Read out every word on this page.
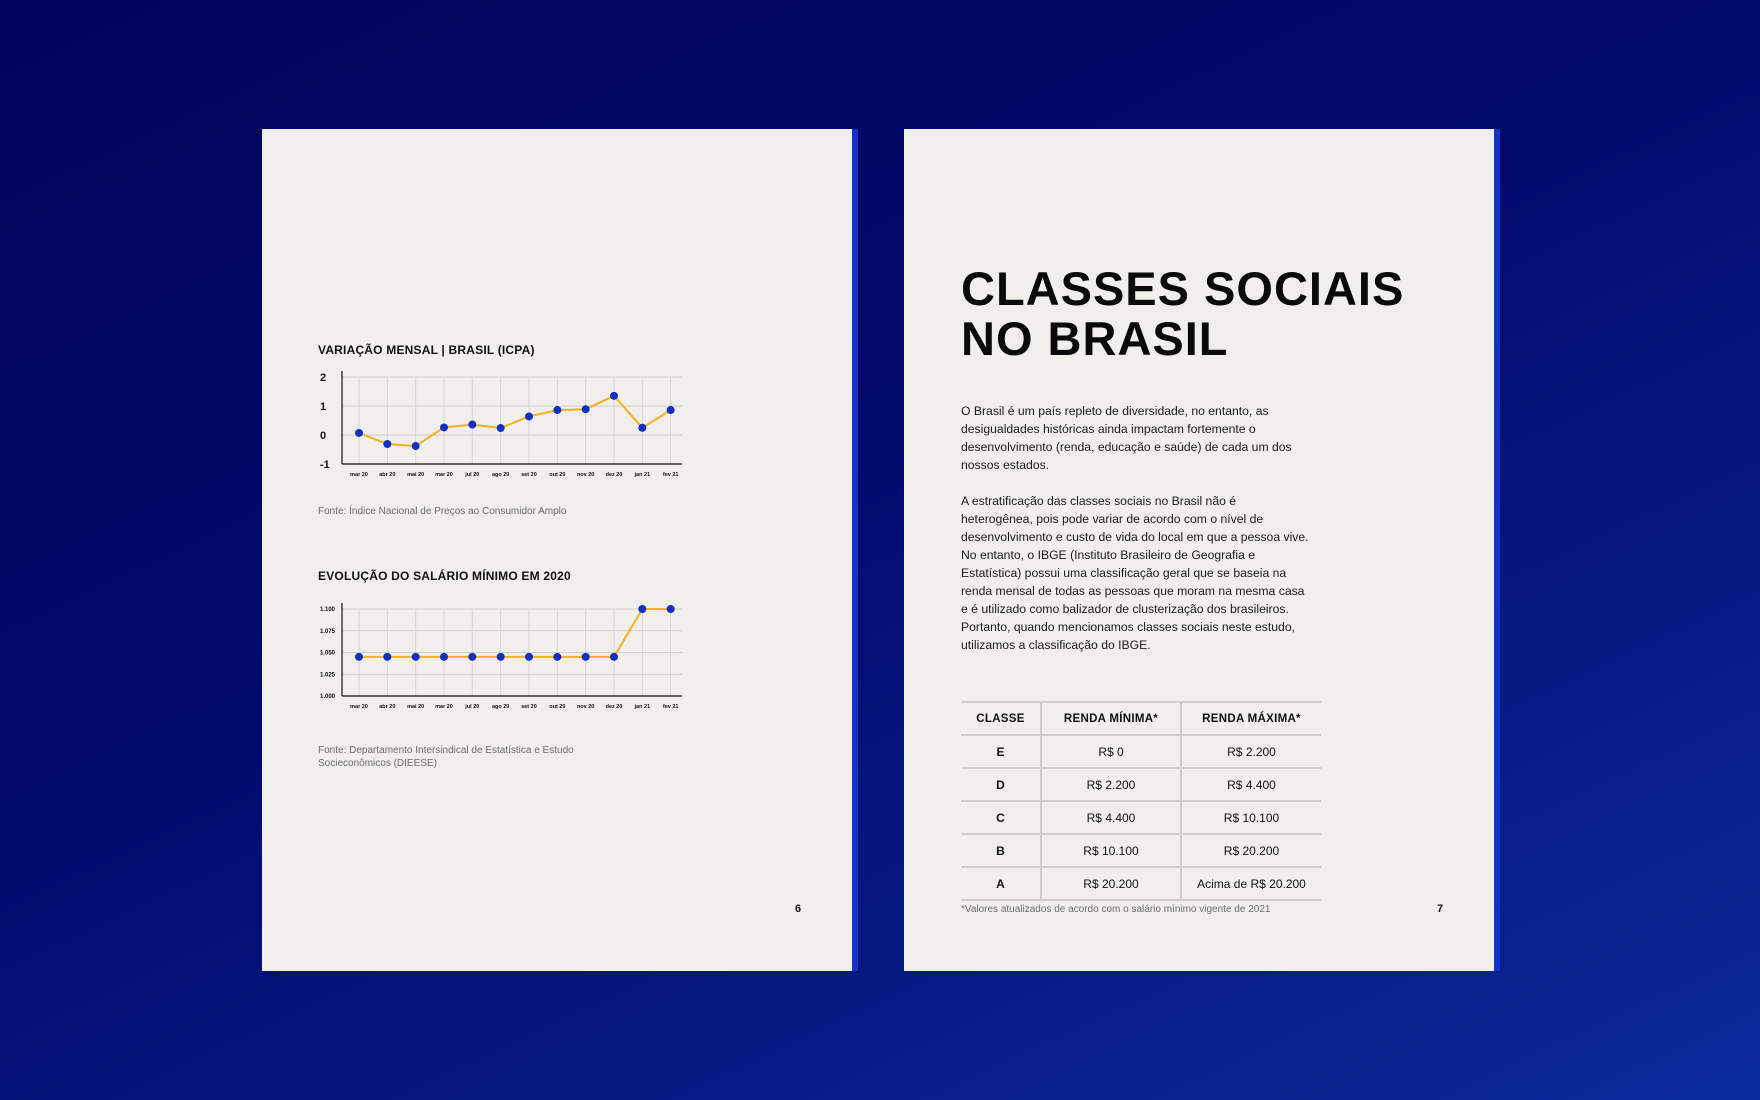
VARIAÇÃO MENSAL | BRASIL (ICPA)
2
1
0
-1
mar 20 abr 20 mai 20 mar 20 jul 20 ago 20 set 20 out 20 nov 20 dez 20 jan 21 fev 21
Fonte: Índice Nacional de Preços ao Consumidor Amplo
EVOLUÇÃO DO SALÁRIO MÍNIMO EM 2020
1.100
1.075
1.050
1.025
1.000
mar 20 abr 20 mai 20 mar 20 jul 20 ago 20 set 20 out 20 nov 20 dez 20 jan 21 fev 21
Fonte: Departamento Intersindical de Estatística e Estudo Socieconômicos (DIEESE)
6
CLASSES SOCIAIS
NO BRASIL

O Brasil é um país repleto de diversidade, no entanto, as desigualdades históricas ainda impactam fortemente o desenvolvimento (renda, educação e saúde) de cada um dos nossos estados.

A estratificação das classes sociais no Brasil não é heterogênea, pois pode variar de acordo com o nível de desenvolvimento e custo de vida do local em que a pessoa vive. No entanto, o IBGE (Instituto Brasileiro de Geografia e Estatística) possui uma classificação geral que se baseia na renda mensal de todas as pessoas que moram na mesma casa e é utilizado como balizador de clusterização dos brasileiros. Portanto, quando mencionamos classes sociais neste estudo, utilizamos a classificação do IBGE.

CLASSE	RENDA MÍNIMA*	RENDA MÁXIMA*
E	R$ 0	R$ 2.200
D	R$ 2.200	R$ 4.400
C	R$ 4.400	R$ 10.100
B	R$ 10.100	R$ 20.200
A	R$ 20.200	Acima de R$ 20.200

*Valores atualizados de acordo com o salário mínimo vigente de 2021	7
